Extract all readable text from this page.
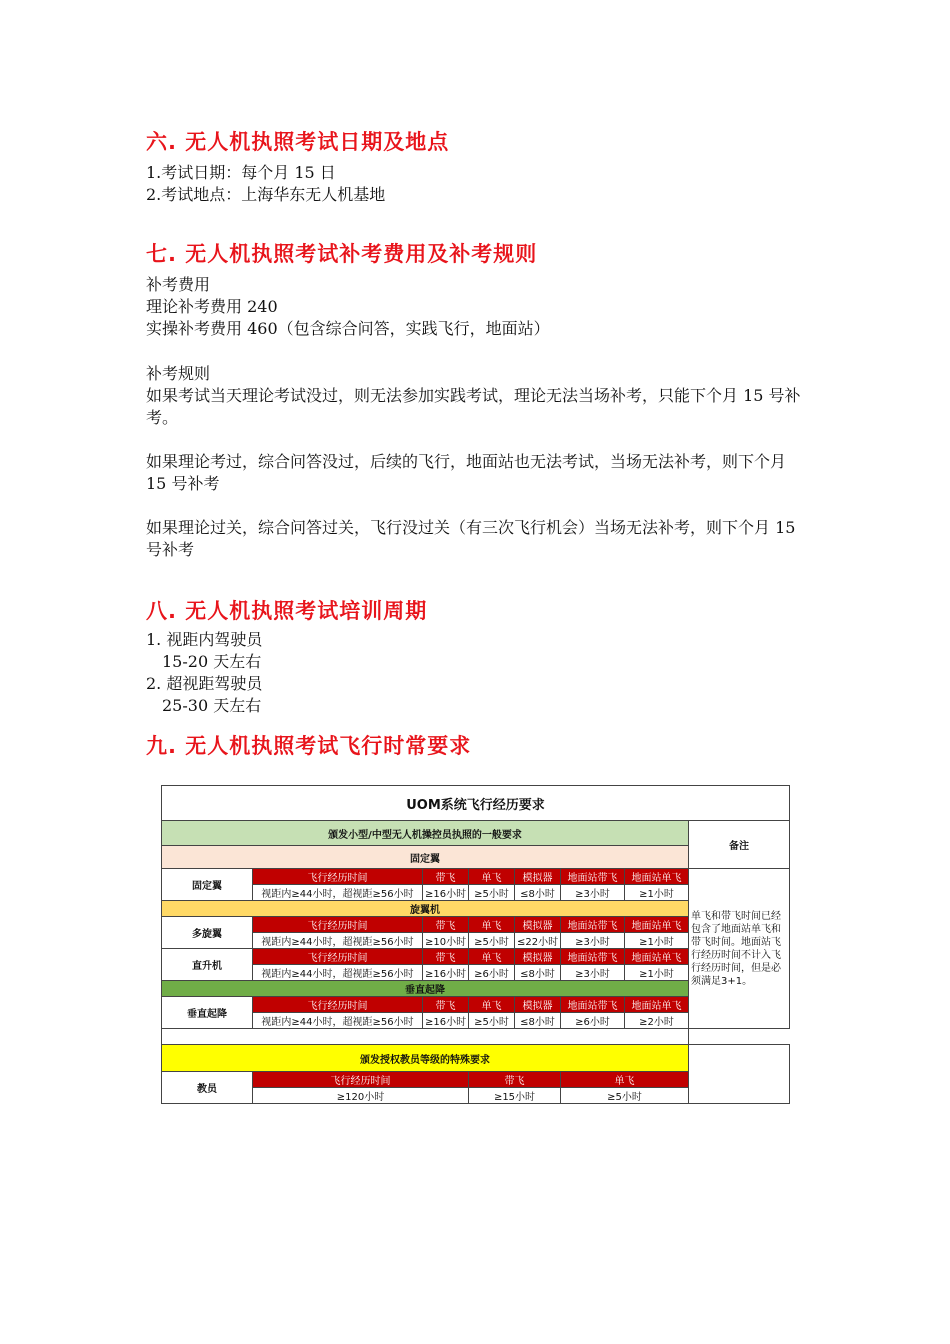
六. 无人机执照考试日期及地点
1.考试日期：每个月 15 日
2.考试地点：上海华东无人机基地
七. 无人机执照考试补考费用及补考规则
补考费用
理论补考费用 240
实操补考费用 460（包含综合问答，实践飞行，地面站）
补考规则
如果考试当天理论考试没过，则无法参加实践考试，理论无法当场补考，只能下个月 15 号补考。
如果理论考过，综合问答没过，后续的飞行，地面站也无法考试，当场无法补考，则下个月 15 号补考
如果理论过关，综合问答过关，飞行没过关（有三次飞行机会）当场无法补考，则下个月 15 号补考
八. 无人机执照考试培训周期
1. 视距内驾驶员
15-20 天左右
2. 超视距驾驶员
25-30 天左右
九. 无人机执照考试飞行时常要求
UOM系统飞行经历要求							
颁发小型/中型无人机操控员执照的一般要求							备注
固定翼							
固定翼	飞行经历时间	带飞	单飞	模拟器	地面站带飞	地面站单飞	单飞和带飞时间已经包含了地面站单飞和带飞时间。地面站飞行经历时间不计入飞行经历时间，但是必须满足3+1。
	视距内≥44小时，超视距≥56小时	≥16小时	≥5小时	≤8小时	≥3小时	≥1小时	
旋翼机							
多旋翼	飞行经历时间	带飞	单飞	模拟器	地面站带飞	地面站单飞	
	视距内≥44小时，超视距≥56小时	≥10小时	≥5小时	≤22小时	≥3小时	≥1小时	
直升机	飞行经历时间	带飞	单飞	模拟器	地面站带飞	地面站单飞	
	视距内≥44小时，超视距≥56小时	≥16小时	≥6小时	≤8小时	≥3小时	≥1小时	
垂直起降							
垂直起降	飞行经历时间	带飞	单飞	模拟器	地面站带飞	地面站单飞	
	视距内≥44小时，超视距≥56小时	≥16小时	≥5小时	≤8小时	≥6小时	≥2小时	

颁发授权教员等级的特殊要求							
教员	飞行经历时间		带飞		单飞		
	≥120小时		≥15小时		≥5小时		
